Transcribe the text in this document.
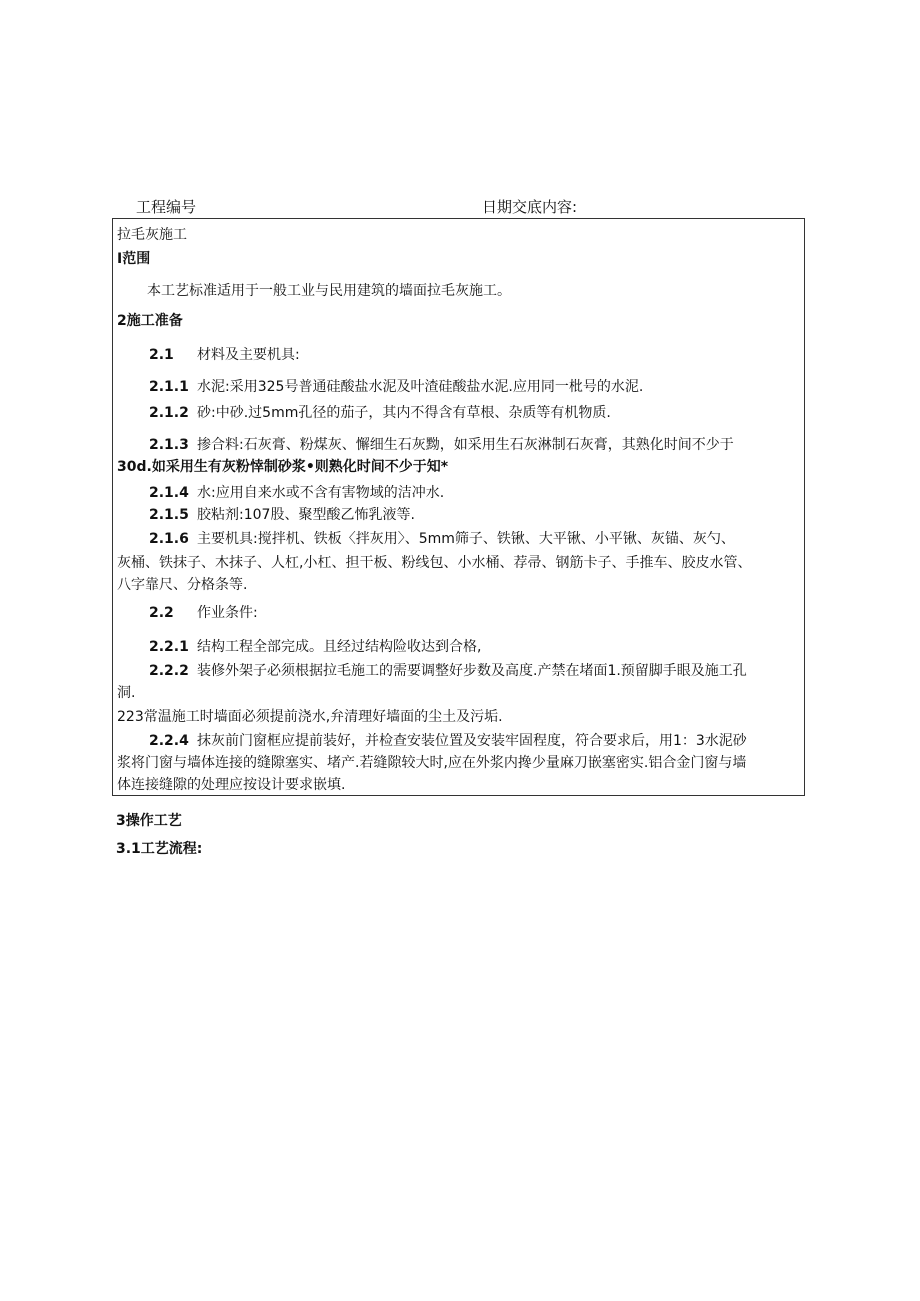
工程编号	日期交底内容:
拉毛灰施工
I范围
本工艺标准适用于一般工业与民用建筑的墙面拉毛灰施工。
2施工准备
2.1 材料及主要机具:
2.1.1 水泥:采用325号普通硅酸盐水泥及叶渣硅酸盐水泥.应用同一枇号的水泥.
2.1.2 砂:中砂.过5mm孔径的茄子，其内不得含有草根、杂质等有机物质.
2.1.3 掺合料:石灰膏、粉煤灰、懈细生石灰黝，如采用生石灰淋制石灰膏，其熟化时间不少于
30d.如采用生有灰粉悻制砂浆•则熟化时间不少于知*
2.1.4 水:应用自来水或不含有害物域的洁冲水.
2.1.5 胶粘剂:107股、聚型酸乙怖乳液等.
2.1.6 主要机具:搅拌机、铁板〈拌灰用〉、5mm筛子、铁锹、大平锹、小平锹、灰锚、灰勺、
灰桶、铁抹子、木抹子、人杠,小杠、担干板、粉线包、小水桶、荐帚、钢筋卡子、手推车、胶皮水管、
八字靠尺、分格条等.
2.2 作业条件:
2.2.1 结构工程全部完成。且经过结构险收达到合格,
2.2.2 装修外架子必须根据拉毛施工的需要调整好步数及高度.产禁在堵面1.预留脚手眼及施工孔
洞.
223常温施工时墙面必须提前浇水,弁清理好墙面的尘土及污垢.
2.2.4 抹灰前门窗框应提前装好，并检查安装位置及安装牢固程度，符合要求后，用1：3水泥砂
浆将门窗与墙体连接的缝隙塞实、堵产.若缝隙较大时,应在外浆内搀少量麻刀嵌塞密实.铝合金门窗与墙
体连接缝隙的处理应按设计要求嵌填.
3操作工艺
3.1工艺流程:
